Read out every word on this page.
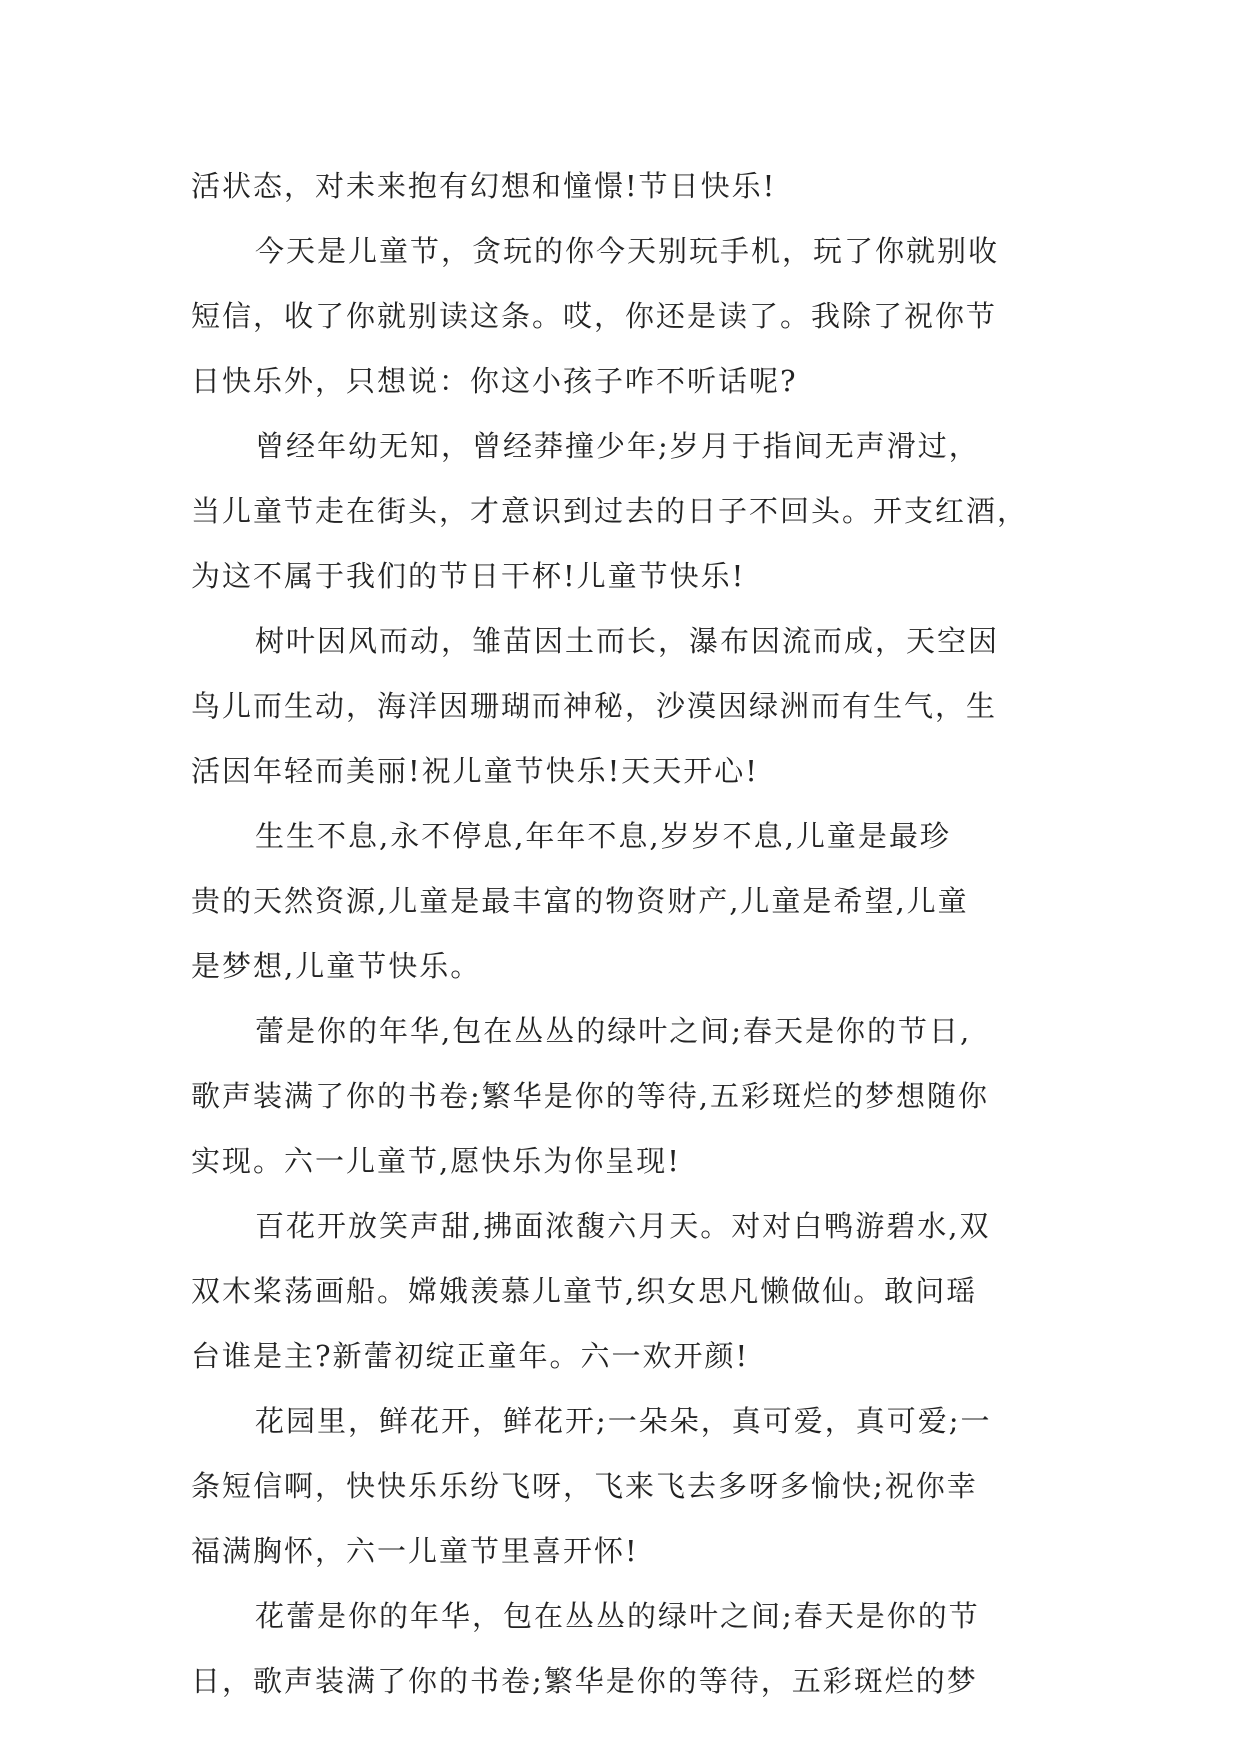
活状态，对未来抱有幻想和憧憬!节日快乐!
今天是儿童节，贪玩的你今天别玩手机，玩了你就别收
短信，收了你就别读这条。哎，你还是读了。我除了祝你节
日快乐外，只想说：你这小孩子咋不听话呢?
曾经年幼无知，曾经莽撞少年;岁月于指间无声滑过，
当儿童节走在街头，才意识到过去的日子不回头。开支红酒，
为这不属于我们的节日干杯!儿童节快乐!
树叶因风而动，雏苗因土而长，瀑布因流而成，天空因
鸟儿而生动，海洋因珊瑚而神秘，沙漠因绿洲而有生气，生
活因年轻而美丽!祝儿童节快乐!天天开心!
生生不息,永不停息,年年不息,岁岁不息,儿童是最珍
贵的天然资源,儿童是最丰富的物资财产,儿童是希望,儿童
是梦想,儿童节快乐。
蕾是你的年华,包在丛丛的绿叶之间;春天是你的节日,
歌声装满了你的书卷;繁华是你的等待,五彩斑烂的梦想随你
实现。六一儿童节,愿快乐为你呈现!
百花开放笑声甜,拂面浓馥六月天。对对白鸭游碧水,双
双木桨荡画船。嫦娥羡慕儿童节,织女思凡懒做仙。敢问瑶
台谁是主?新蕾初绽正童年。六一欢开颜!
花园里，鲜花开，鲜花开;一朵朵，真可爱，真可爱;一
条短信啊，快快乐乐纷飞呀，飞来飞去多呀多愉快;祝你幸
福满胸怀，六一儿童节里喜开怀!
花蕾是你的年华，包在丛丛的绿叶之间;春天是你的节
日，歌声装满了你的书卷;繁华是你的等待，五彩斑烂的梦
